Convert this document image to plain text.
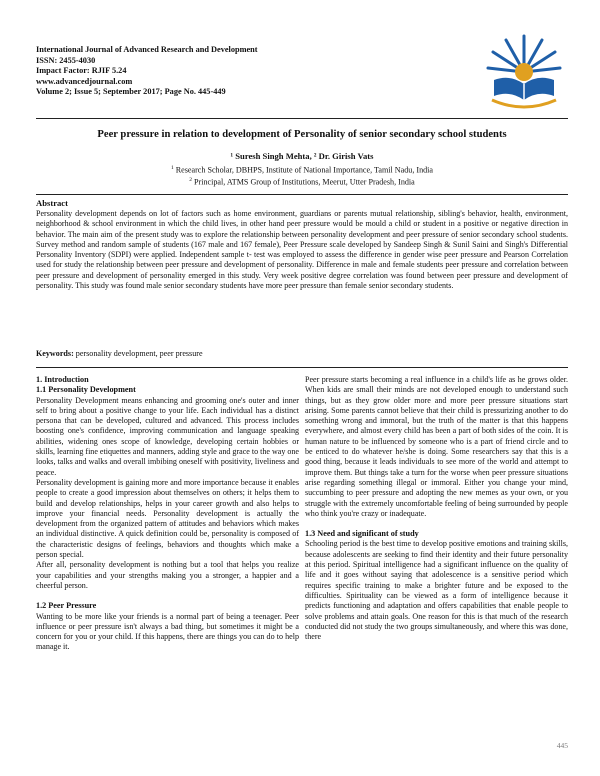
International Journal of Advanced Research and Development
ISSN: 2455-4030
Impact Factor: RJIF 5.24
www.advancedjournal.com
Volume 2; Issue 5; September 2017; Page No. 445-449
Peer pressure in relation to development of Personality of senior secondary school students
¹ Suresh Singh Mehta, ² Dr. Girish Vats
$^1$ Research Scholar, DBHPS, Institute of National Importance, Tamil Nadu, India
$^2$ Principal, ATMS Group of Institutions, Meerut, Utter Pradesh, India
Abstract
Personality development depends on lot of factors such as home environment, guardians or parents mutual relationship, sibling's behavior, health, environment, neighborhood & school environment in which the child lives, in other hand peer pressure would be mould a child or student in a positive or negative direction in behavior. The main aim of the present study was to explore the relationship between personality development and peer pressure of senior secondary school students. Survey method and random sample of students (167 male and 167 female), Peer Pressure scale developed by Sandeep Singh & Sunil Saini and Singh's Differential Personality Inventory (SDPI) were applied. Independent sample t- test was employed to assess the difference in gender wise peer pressure and Pearson Correlation used for study the relationship between peer pressure and development of personality. Difference in male and female students peer pressure and correlation between peer pressure and development of personality emerged in this study. Very week positive degree correlation was found between peer pressure and development of personality. This study was found male senior secondary students have more peer pressure than female senior secondary students.
Keywords: personality development, peer pressure
1. Introduction
1.1 Personality Development

Personality Development means enhancing and grooming one's outer and inner self to bring about a positive change to your life. Each individual has a distinct persona that can be developed, cultured and advanced. This process includes boosting one's confidence, improving communication and language speaking abilities, widening ones scope of knowledge, developing certain hobbies or skills, learning fine etiquettes and manners, adding style and grace to the way one looks, talks and walks and overall imbibing oneself with positivity, liveliness and peace.

Personality development is gaining more and more importance because it enables people to create a good impression about themselves on others; it helps them to build and develop relationships, helps in your career growth and also helps to improve your financial needs. Personality development is actually the development from the organized pattern of attitudes and behaviors which makes an individual distinctive. A quick definition could be, personality is composed of the characteristic designs of feelings, behaviors and thoughts which make a person special.

After all, personality development is nothing but a tool that helps you realize your capabilities and your strengths making you a stronger, a happier and a cheerful person.

1.2 Peer Pressure

Wanting to be more like your friends is a normal part of being a teenager. Peer influence or peer pressure isn't always a bad thing, but sometimes it might be a concern for you or your child. If this happens, there are things you can do to help manage it.

Peer pressure starts becoming a real influence in a child's life as he grows older. When kids are small their minds are not developed enough to understand such things, but as they grow older more and more peer pressure situations start arising. Some parents cannot believe that their child is pressurizing another to do something wrong and immoral, but the truth of the matter is that this happens everywhere, and almost every child has been a part of both sides of the coin. It is human nature to be influenced by someone who is a part of friend circle and to be enticed to do whatever he/she is doing. Some researchers say that this is a good thing, because it leads individuals to see more of the world and attempt to improve them. But things take a turn for the worse when peer pressure situations arise regarding something illegal or immoral. Either you change your mind, succumbing to peer pressure and adopting the new memes as your own, or you struggle with the extremely uncomfortable feeling of being surrounded by people who think you're crazy or inadequate.

1.3 Need and significant of study

Schooling period is the best time to develop positive emotions and training skills, because adolescents are seeking to find their identity and their future personality at this period. Spiritual intelligence had a significant influence on the quality of life and it goes without saying that adolescence is a sensitive period which requires specific training to make a brighter future and be exposed to the difficulties. Spirituality can be viewed as a form of intelligence because it predicts functioning and adaptation and offers capabilities that enable people to solve problems and attain goals. One reason for this is that much of the research conducted did not study the two groups simultaneously, and where this was done, there

445
